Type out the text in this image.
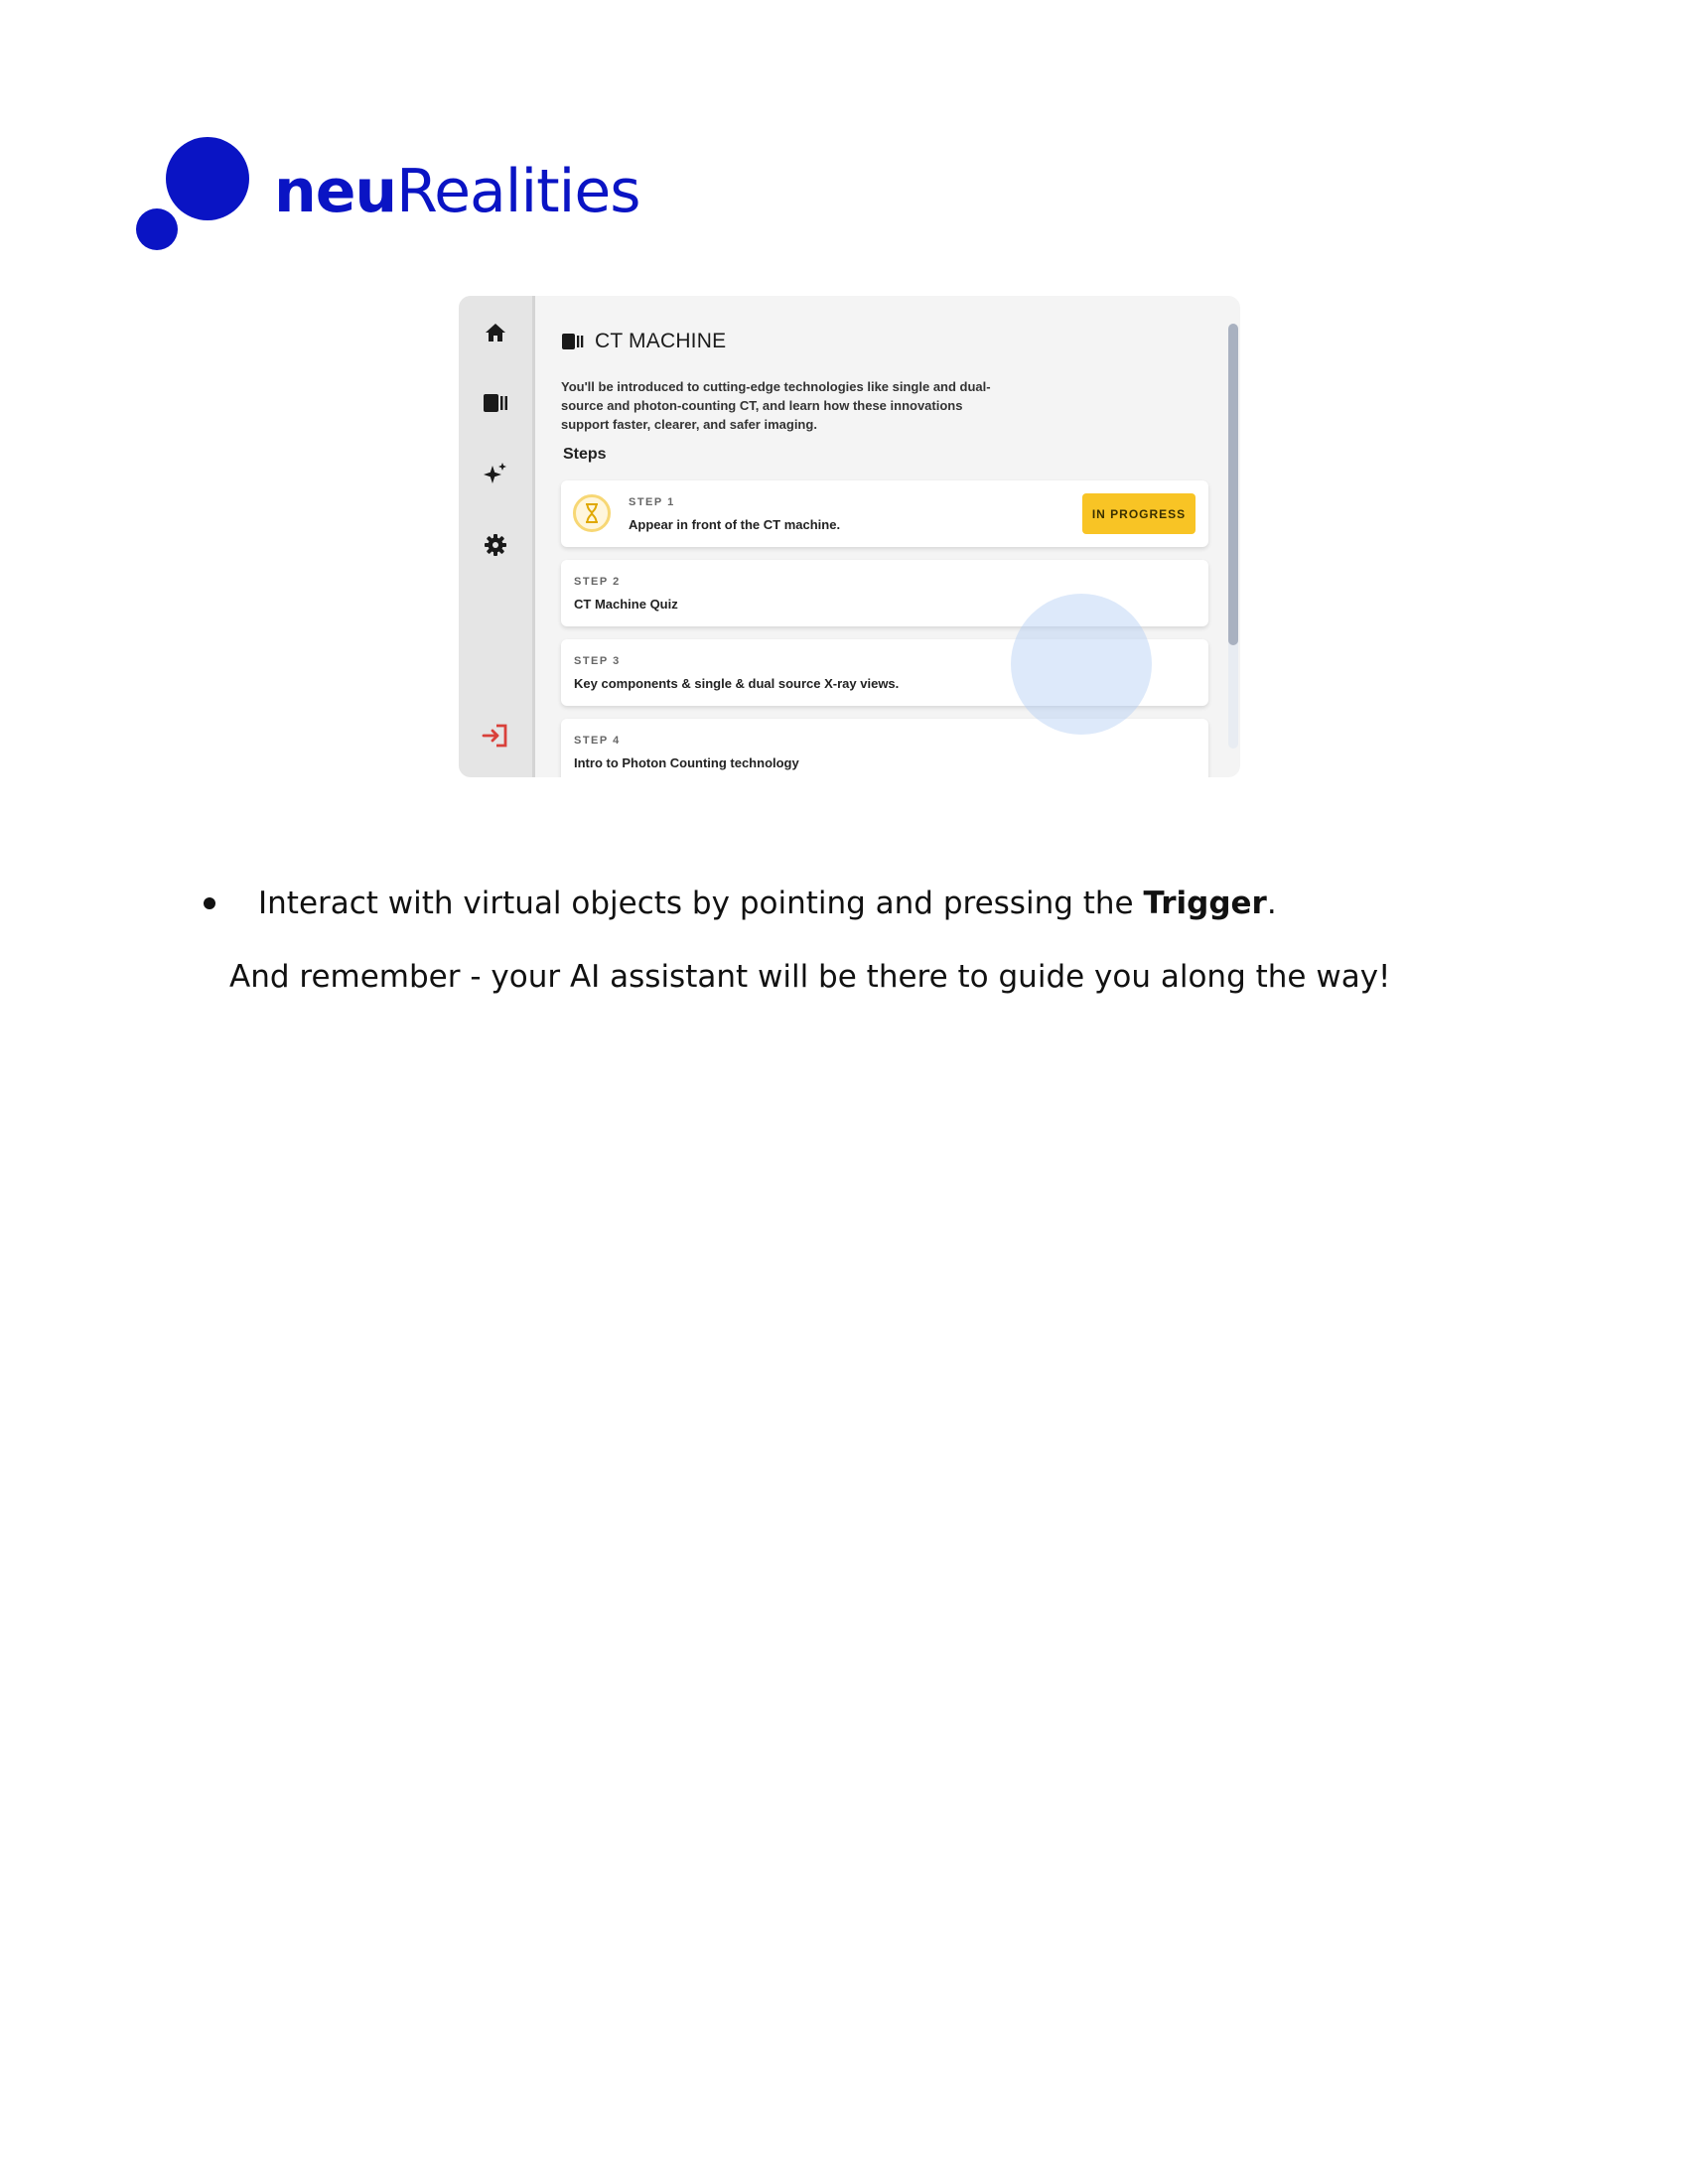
neuRealities
CT MACHINE
You'll be introduced to cutting-edge technologies like single and dual-source and photon-counting CT, and learn how these innovations support faster, clearer, and safer imaging.
Steps
STEP 1
Appear in front of the CT machine.
IN PROGRESS
STEP 2
CT Machine Quiz
STEP 3
Key components & single & dual source X-ray views.
STEP 4
Intro to Photon Counting technology
Interact with virtual objects by pointing and pressing the Trigger.
And remember - your AI assistant will be there to guide you along the way!
